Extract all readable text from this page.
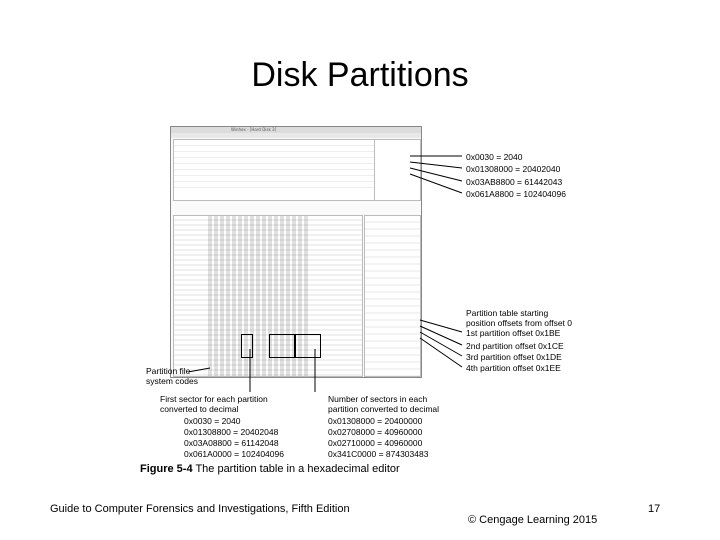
Disk Partitions
Winhex - [Hard Disk 3]
0x0030 = 2040
0x01308000 = 20402040
0x03AB8800 = 61442043
0x061A8800 = 102404096
Partition table starting position offsets from offset 0
1st partition offset 0x1BE
2nd partition offset 0x1CE
3rd partition offset 0x1DE
4th partition offset 0x1EE
Partition file system codes
First sector for each partition converted to decimal
0x0030 = 2040
0x01308800 = 20402048
0x03A08800 = 61142048
0x061A0000 = 102404096
Number of sectors in each partition converted to decimal
0x01308000 = 20400000
0x02708000 = 40960000
0x02710000 = 40960000
0x341C0000 = 874303483
Figure 5-4 The partition table in a hexadecimal editor
Guide to Computer Forensics and Investigations, Fifth Edition
© Cengage Learning 2015
17
